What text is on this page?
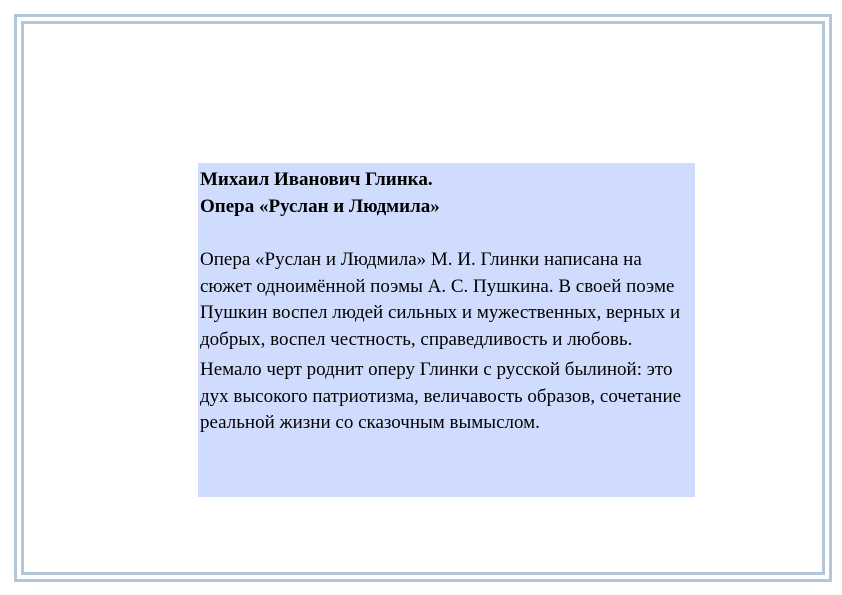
Михаил Иванович Глинка.

Опера «Руслан и Людмила»

Опера «Руслан и Людмила» М. И. Глинки написана на сюжет одноимённой поэмы А. С. Пушкина. В своей поэме Пушкин воспел людей сильных и мужественных, верных и добрых, воспел честность, справедливость и любовь.

Немало черт роднит оперу Глинки с русской былиной: это дух высокого патриотизма, величавость образов, сочетание реальной жизни со сказочным вымыслом.
